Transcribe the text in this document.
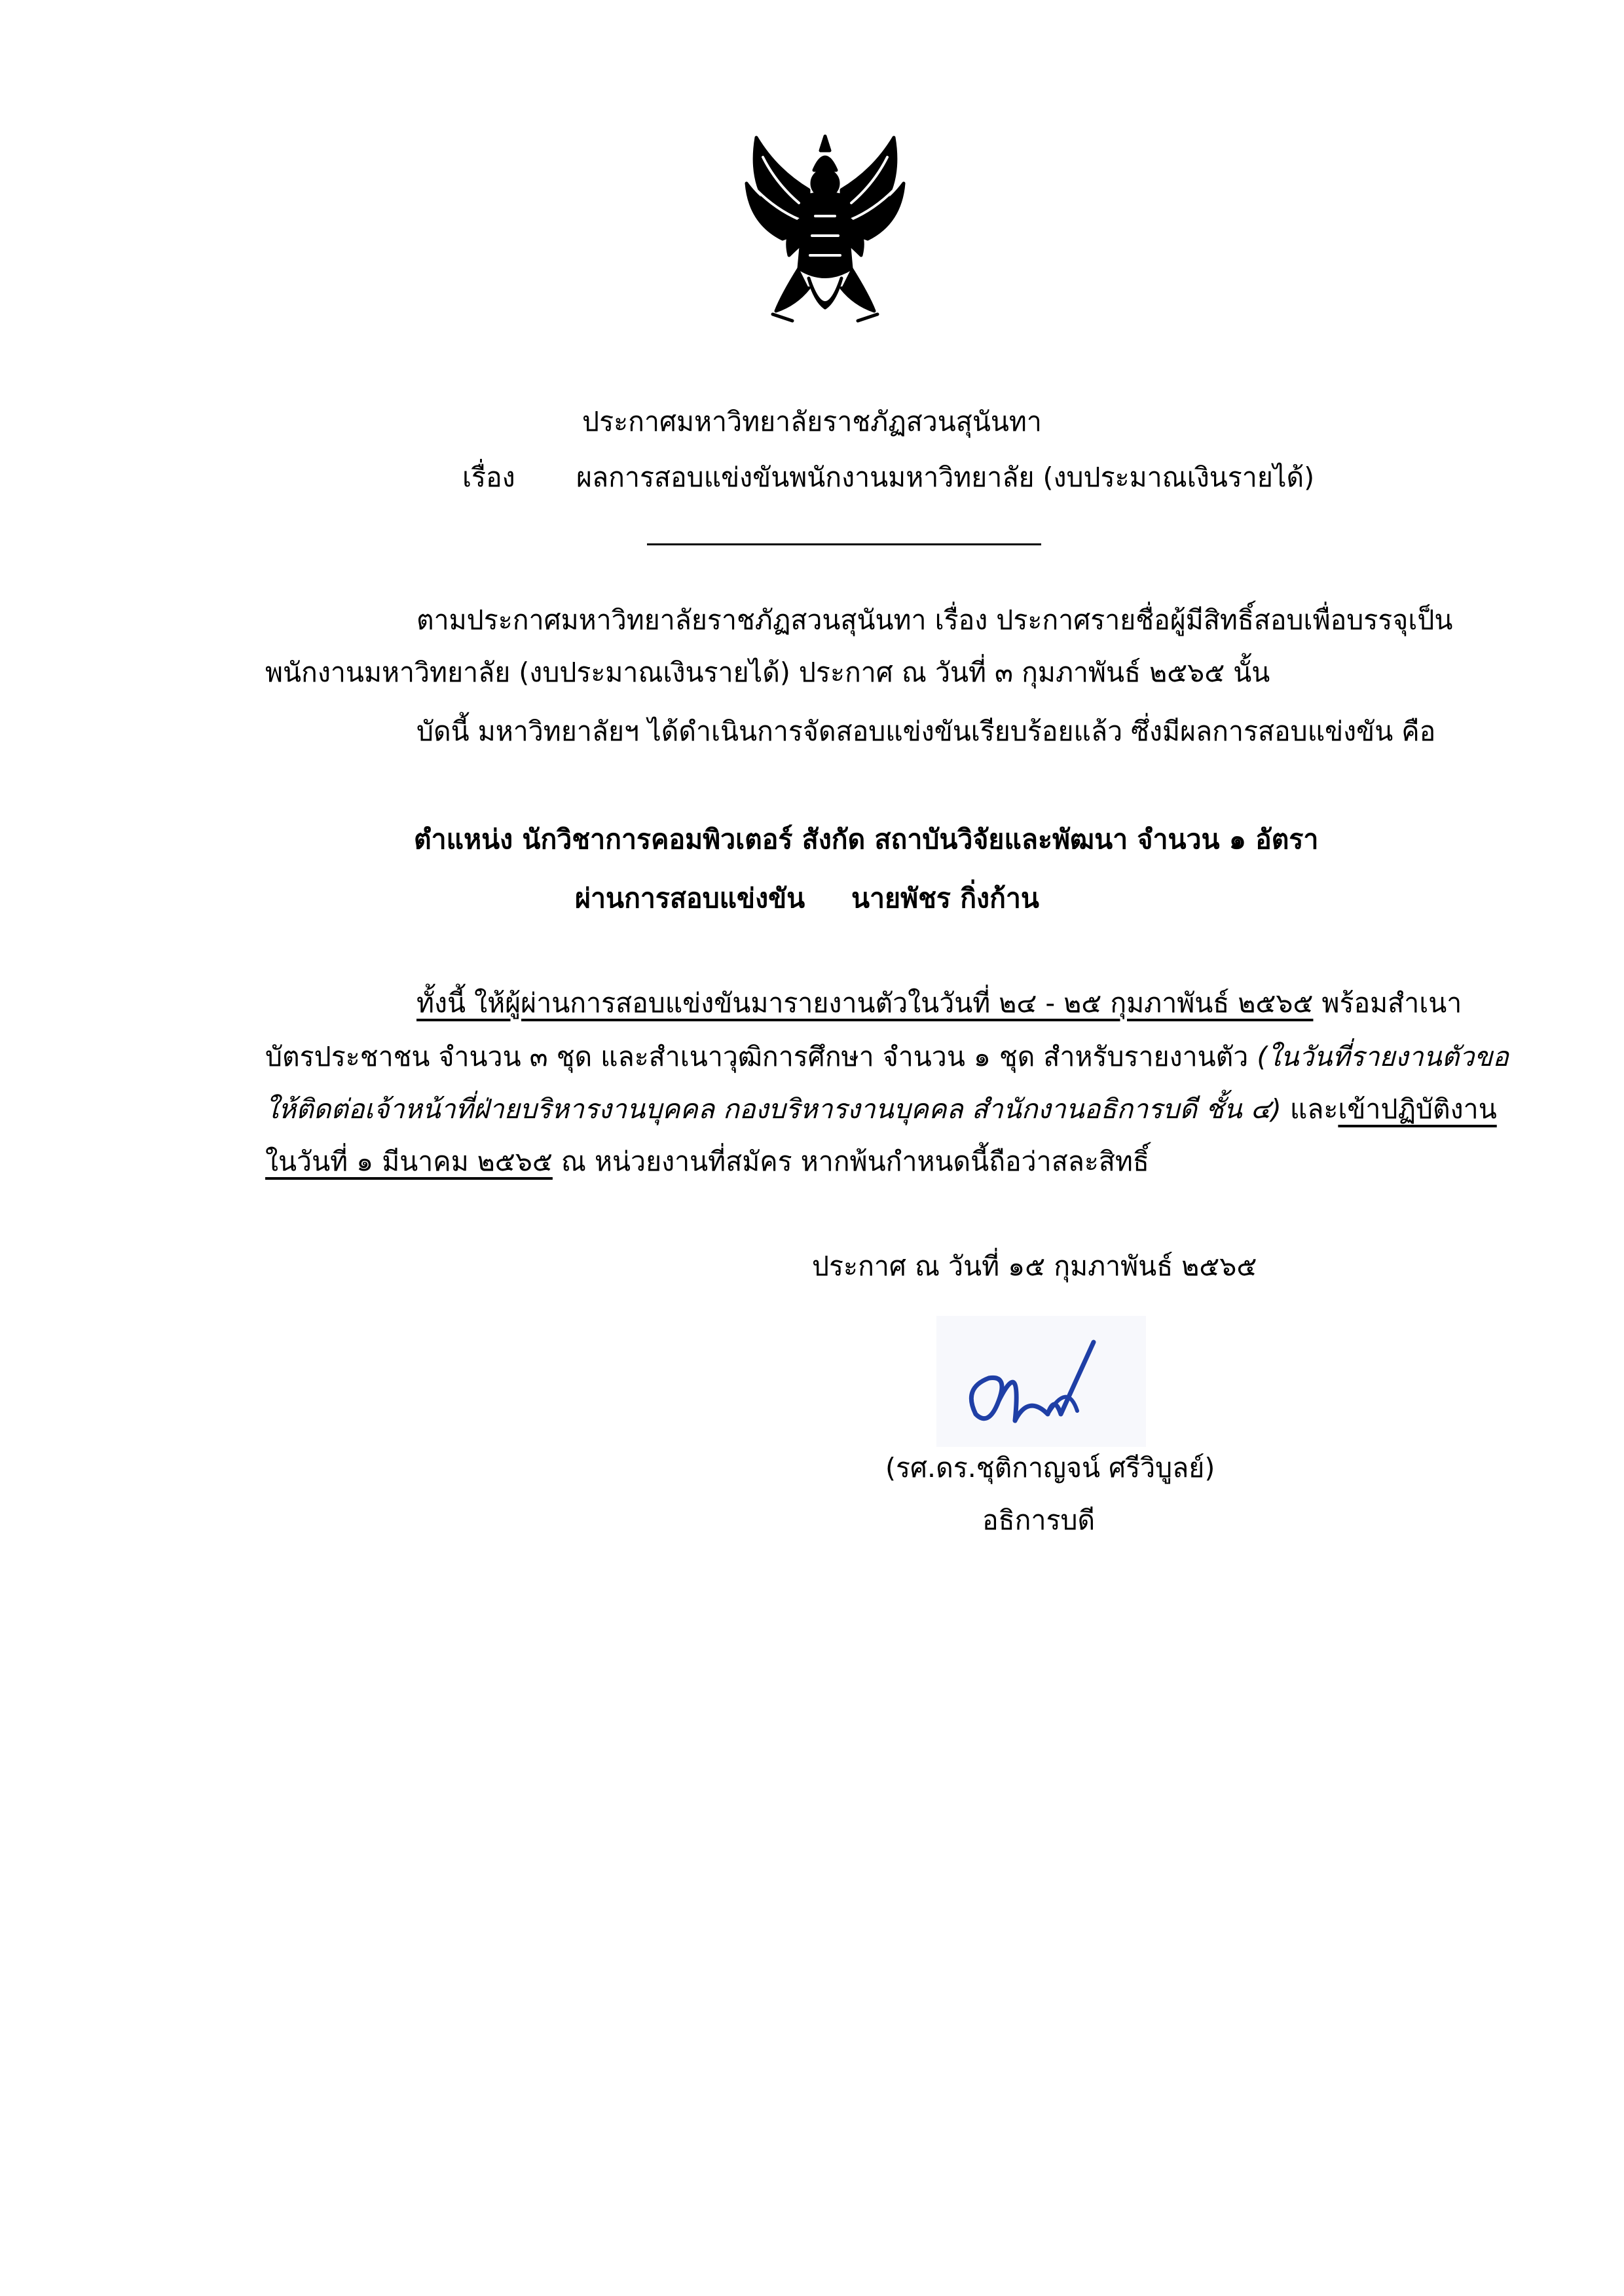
ประกาศมหาวิทยาลัยราชภัฏสวนสุนันทา
เรื่อง ผลการสอบแข่งขันพนักงานมหาวิทยาลัย (งบประมาณเงินรายได้)
ตามประกาศมหาวิทยาลัยราชภัฏสวนสุนันทา เรื่อง ประกาศรายชื่อผู้มีสิทธิ์สอบเพื่อบรรจุเป็น
พนักงานมหาวิทยาลัย (งบประมาณเงินรายได้) ประกาศ ณ วันที่ ๓ กุมภาพันธ์ ๒๕๖๕ นั้น
บัดนี้ มหาวิทยาลัยฯ ได้ดำเนินการจัดสอบแข่งขันเรียบร้อยแล้ว ซึ่งมีผลการสอบแข่งขัน คือ
ตำแหน่ง นักวิชาการคอมพิวเตอร์ สังกัด สถาบันวิจัยและพัฒนา จำนวน ๑ อัตรา
ผ่านการสอบแข่งขัน นายพัชร กิ่งก้าน
ทั้งนี้ ให้ผู้ผ่านการสอบแข่งขันมารายงานตัวในวันที่ ๒๔ - ๒๕ กุมภาพันธ์ ๒๕๖๕ พร้อมสำเนา
บัตรประชาชน จำนวน ๓ ชุด และสำเนาวุฒิการศึกษา จำนวน ๑ ชุด สำหรับรายงานตัว (ในวันที่รายงานตัวขอ
ให้ติดต่อเจ้าหน้าที่ฝ่ายบริหารงานบุคคล กองบริหารงานบุคคล สำนักงานอธิการบดี ชั้น ๔) และเข้าปฏิบัติงาน
ในวันที่ ๑ มีนาคม ๒๕๖๕ ณ หน่วยงานที่สมัคร หากพ้นกำหนดนี้ถือว่าสละสิทธิ์
ประกาศ ณ วันที่ ๑๕ กุมภาพันธ์ ๒๕๖๕
(รศ.ดร.ชุติกาญจน์ ศรีวิบูลย์)
อธิการบดี
